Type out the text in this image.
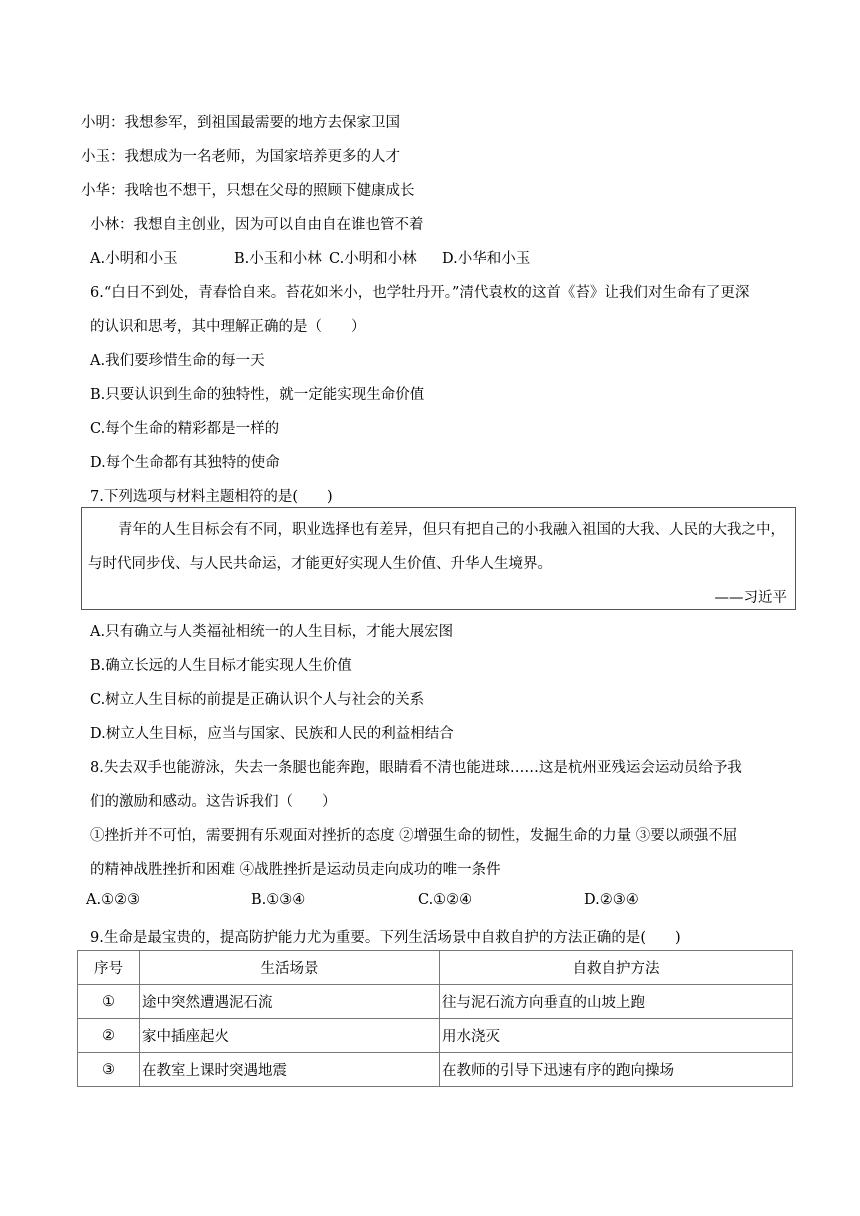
小明：我想参军，到祖国最需要的地方去保家卫国
小玉：我想成为一名老师，为国家培养更多的人才
小华：我啥也不想干，只想在父母的照顾下健康成长
小林：我想自主创业，因为可以自由自在谁也管不着
A.小明和小玉	B.小玉和小林 C.小明和小林 D.小华和小玉
6.“白日不到处，青春恰自来。苔花如米小，也学牡丹开。”清代袁枚的这首《苔》让我们对生命有了更深
的认识和思考，其中理解正确的是（　　）
A.我们要珍惜生命的每一天
B.只要认识到生命的独特性，就一定能实现生命价值
C.每个生命的精彩都是一样的
D.每个生命都有其独特的使命
7.下列选项与材料主题相符的是(　　)
青年的人生目标会有不同，职业选择也有差异，但只有把自己的小我融入祖国的大我、人民的大我之中，
与时代同步伐、与人民共命运，才能更好实现人生价值、升华人生境界。
——习近平
A.只有确立与人类福祉相统一的人生目标，才能大展宏图
B.确立长远的人生目标才能实现人生价值
C.树立人生目标的前提是正确认识个人与社会的关系
D.树立人生目标，应当与国家、民族和人民的利益相结合
8.失去双手也能游泳，失去一条腿也能奔跑，眼睛看不清也能进球……这是杭州亚残运会运动员给予我
们的激励和感动。这告诉我们（　　）
①挫折并不可怕，需要拥有乐观面对挫折的态度 ②增强生命的韧性，发掘生命的力量 ③要以顽强不屈
的精神战胜挫折和困难 ④战胜挫折是运动员走向成功的唯一条件
A.①②③	B.①③④	C.①②④	D.②③④
9.生命是最宝贵的，提高防护能力尤为重要。下列生活场景中自救自护的方法正确的是(　　)
序号	生活场景	自救自护方法
①	途中突然遭遇泥石流	往与泥石流方向垂直的山坡上跑
②	家中插座起火	用水浇灭
③	在教室上课时突遇地震	在教师的引导下迅速有序的跑向操场
